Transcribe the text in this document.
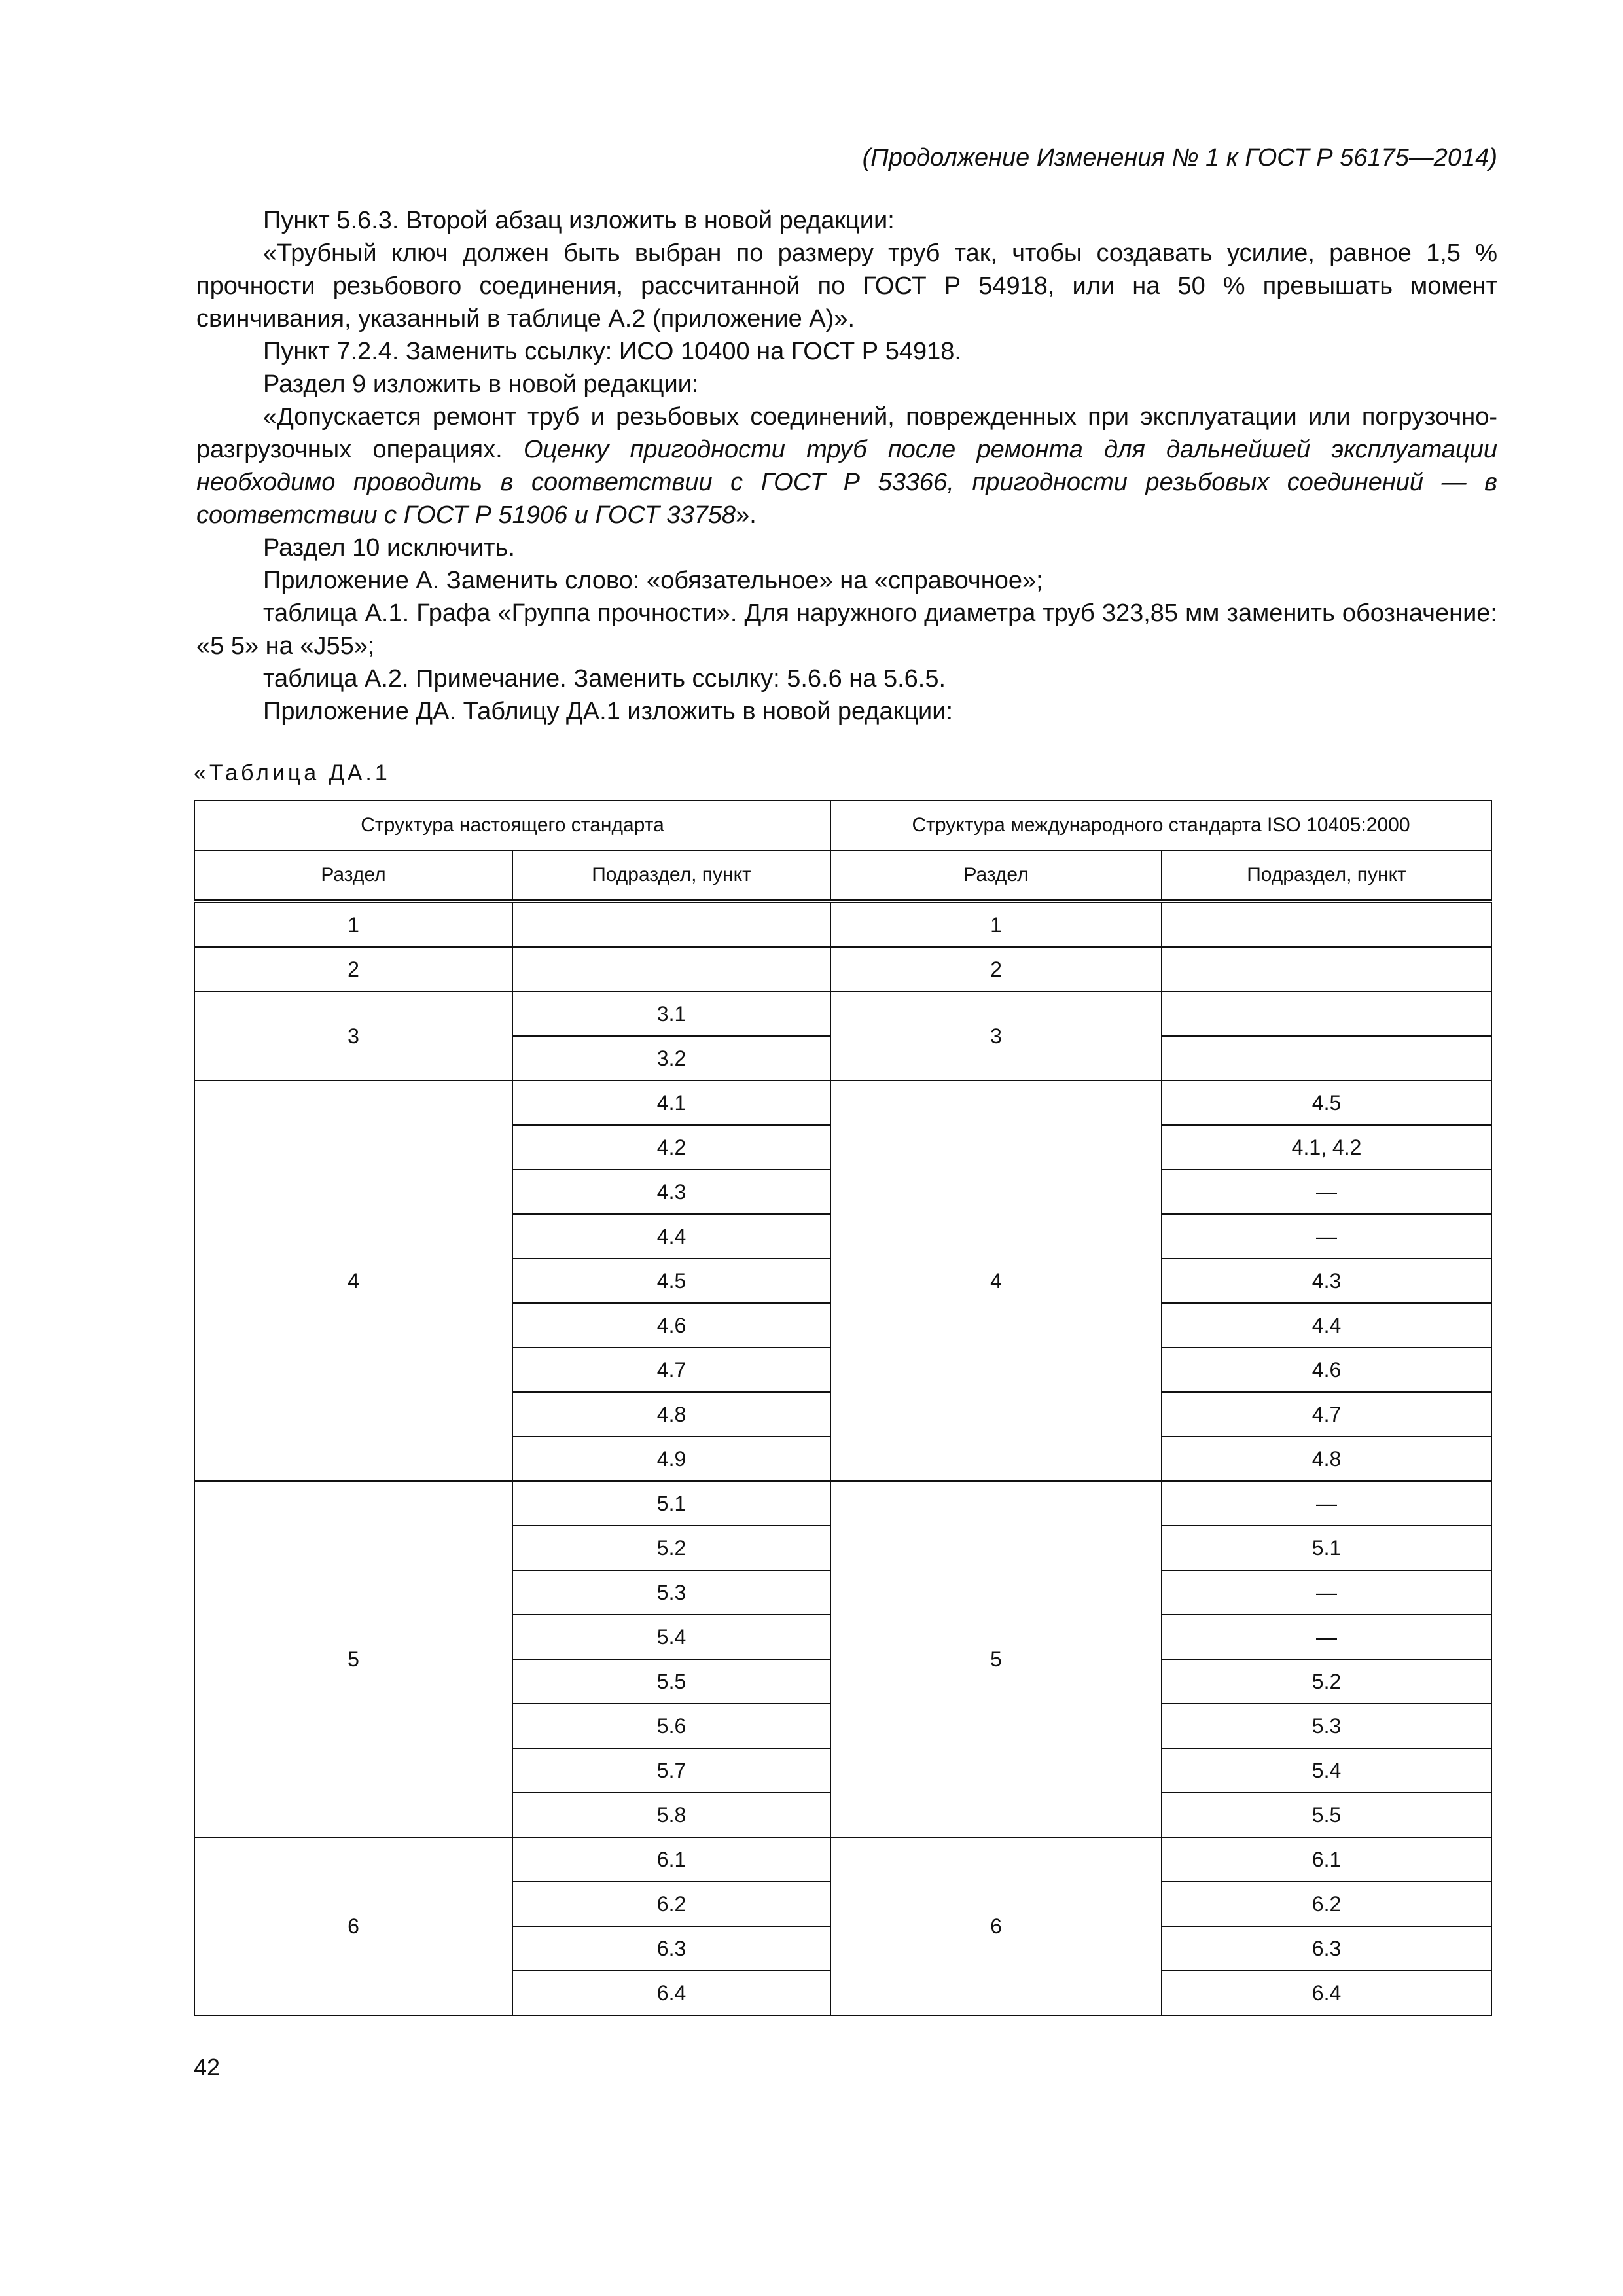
(Продолжение Изменения № 1 к ГОСТ Р 56175—2014)

Пункт 5.6.3. Второй абзац изложить в новой редакции:

«Трубный ключ должен быть выбран по размеру труб так, чтобы создавать усилие, равное 1,5 % прочности резьбового соединения, рассчитанной по ГОСТ Р 54918, или на 50 % превышать момент свинчивания, указанный в таблице А.2 (приложение А)».

Пункт 7.2.4. Заменить ссылку: ИСО 10400 на ГОСТ Р 54918.

Раздел 9 изложить в новой редакции:

«Допускается ремонт труб и резьбовых соединений, поврежденных при эксплуатации или погрузочно-разгрузочных операциях. Оценку пригодности труб после ремонта для дальнейшей эксплуатации необходимо проводить в соответствии с ГОСТ Р 53366, пригодности резьбовых соединений — в соответствии с ГОСТ Р 51906 и ГОСТ 33758».

Раздел 10 исключить.

Приложение А. Заменить слово: «обязательное» на «справочное»;

таблица А.1. Графа «Группа прочности». Для наружного диаметра труб 323,85 мм заменить обозначение: «5 5» на «J55»;

таблица А.2. Примечание. Заменить ссылку: 5.6.6 на 5.6.5.

Приложение ДА. Таблицу ДА.1 изложить в новой редакции:

«Таблица ДА.1
Структура настоящего стандарта		Структура международного стандарта ISO 10405:2000	
Раздел	Подраздел, пункт	Раздел	Подраздел, пункт
1		1	
2		2	
3	3.1	3	
	3.2		
4	4.1	4	4.5
	4.2		4.1, 4.2
	4.3		—
	4.4		—
	4.5		4.3
	4.6		4.4
	4.7		4.6
	4.8		4.7
	4.9		4.8
5	5.1	5	—
	5.2		5.1
	5.3		—
	5.4		—
	5.5		5.2
	5.6		5.3
	5.7		5.4
	5.8		5.5
6	6.1	6	6.1
	6.2		6.2
	6.3		6.3
	6.4		6.4
42
